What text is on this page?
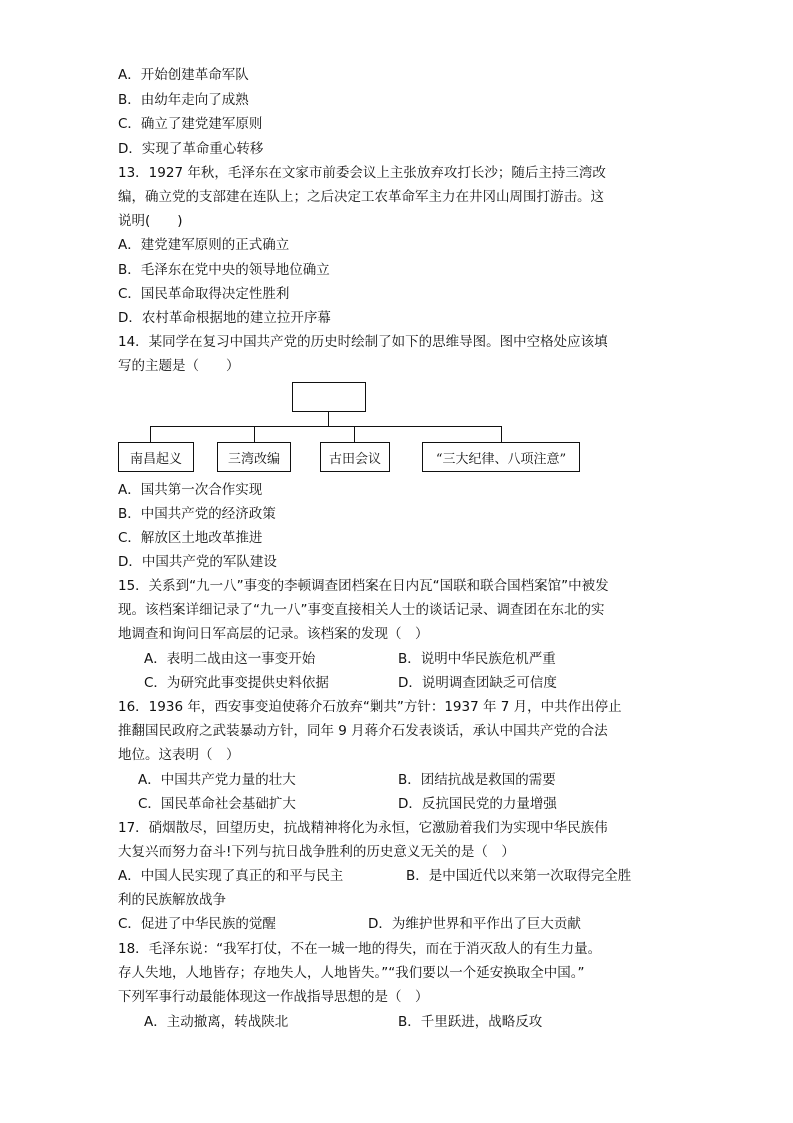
A．开始创建革命军队
B．由幼年走向了成熟
C．确立了建党建军原则
D．实现了革命重心转移
13．1927 年秋，毛泽东在文家市前委会议上主张放弃攻打长沙；随后主持三湾改
编，确立党的支部建在连队上；之后决定工农革命军主力在井冈山周围打游击。这
说明(　　)
A．建党建军原则的正式确立
B．毛泽东在党中央的领导地位确立
C．国民革命取得决定性胜利
D．农村革命根据地的建立拉开序幕
14．某同学在复习中国共产党的历史时绘制了如下的思维导图。图中空格处应该填
写的主题是（　　）
南昌起义	三湾改编	古田会议	“三大纪律、八项注意”
A．国共第一次合作实现
B．中国共产党的经济政策
C．解放区土地改革推进
D．中国共产党的军队建设
15．关系到“九一八”事变的李顿调查团档案在日内瓦“国联和联合国档案馆”中被发
现。该档案详细记录了“九一八”事变直接相关人士的谈话记录、调查团在东北的实
地调查和询问日军高层的记录。该档案的发现（　）
A．表明二战由这一事变开始	B．说明中华民族危机严重
C．为研究此事变提供史料依据	D．说明调查团缺乏可信度
16．1936 年，西安事变迫使蒋介石放弃“剿共”方针：1937 年 7 月，中共作出停止
推翻国民政府之武装暴动方针，同年 9 月蒋介石发表谈话，承认中国共产党的合法
地位。这表明（　）
A．中国共产党力量的壮大	B．团结抗战是救国的需要
C．国民革命社会基础扩大	D．反抗国民党的力量增强
17．硝烟散尽，回望历史，抗战精神将化为永恒，它激励着我们为实现中华民族伟
大复兴而努力奋斗!下列与抗日战争胜利的历史意义无关的是（　）
A．中国人民实现了真正的和平与民主	B．是中国近代以来第一次取得完全胜
利的民族解放战争
C．促进了中华民族的觉醒	D．为维护世界和平作出了巨大贡献
18．毛泽东说：“我军打仗，不在一城一地的得失，而在于消灭敌人的有生力量。
存人失地，人地皆存；存地失人，人地皆失。”“我们要以一个延安换取全中国。”
下列军事行动最能体现这一作战指导思想的是（　）
A．主动撤离，转战陕北	B．千里跃进，战略反攻
